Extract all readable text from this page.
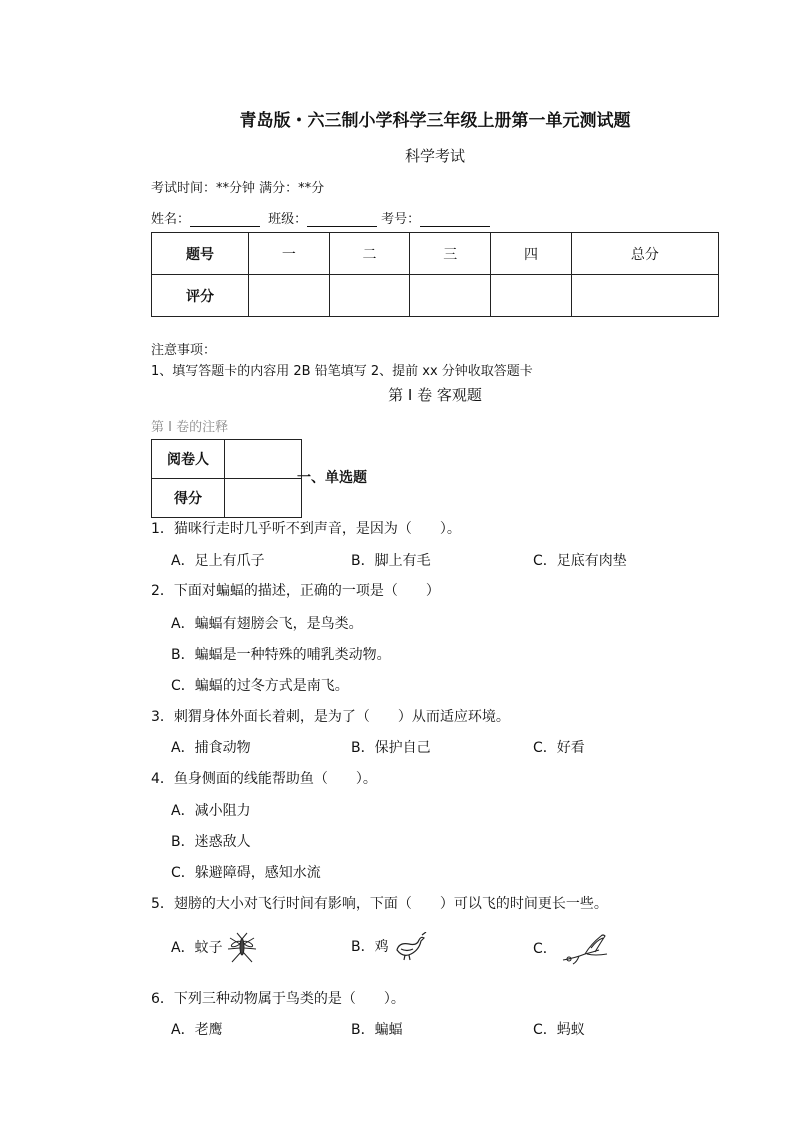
青岛版・六三制小学科学三年级上册第一单元测试题
科学考试
考试时间：**分钟 满分：**分
姓名：	班级：	考号：
题号	一	二	三	四	总分
评分					
注意事项：
1、填写答题卡的内容用 2B 铅笔填写 2、提前 xx 分钟收取答题卡
第 I 卷 客观题
第 I 卷的注释
阅卷人	
得分	
一、单选题
1．猫咪行走时几乎听不到声音，是因为（　　）。
A．足上有爪子	B．脚上有毛	C．足底有肉垫
2．下面对蝙蝠的描述，正确的一项是（　　）
A．蝙蝠有翅膀会飞，是鸟类。
B．蝙蝠是一种特殊的哺乳类动物。
C．蝙蝠的过冬方式是南飞。
3．刺猬身体外面长着刺，是为了（　　）从而适应环境。
A．捕食动物	B．保护自己	C．好看
4．鱼身侧面的线能帮助鱼（　　）。
A．减小阻力
B．迷惑敌人
C．躲避障碍，感知水流
5．翅膀的大小对飞行时间有影响，下面（　　）可以飞的时间更长一些。
A．蚊子	B．鸡	C．
6．下列三种动物属于鸟类的是（　　）。
A．老鹰	B．蝙蝠	C．蚂蚁
